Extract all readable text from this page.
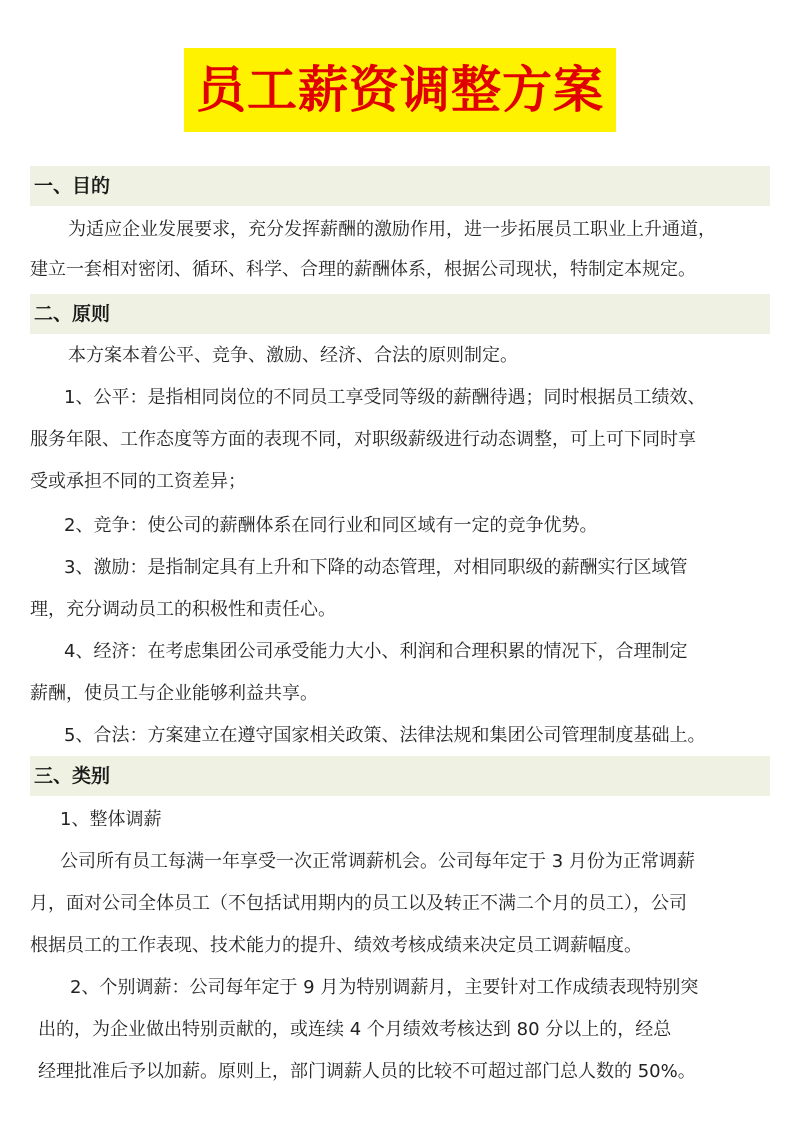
员工薪资调整方案
一、目的
为适应企业发展要求，充分发挥薪酬的激励作用，进一步拓展员工职业上升通道，
建立一套相对密闭、循环、科学、合理的薪酬体系，根据公司现状，特制定本规定。
二、原则
本方案本着公平、竞争、激励、经济、合法的原则制定。
1、公平：是指相同岗位的不同员工享受同等级的薪酬待遇；同时根据员工绩效、
服务年限、工作态度等方面的表现不同，对职级薪级进行动态调整，可上可下同时享
受或承担不同的工资差异；
2、竞争：使公司的薪酬体系在同行业和同区域有一定的竞争优势。
3、激励：是指制定具有上升和下降的动态管理，对相同职级的薪酬实行区域管
理，充分调动员工的积极性和责任心。
4、经济：在考虑集团公司承受能力大小、利润和合理积累的情况下，合理制定
薪酬，使员工与企业能够利益共享。
5、合法：方案建立在遵守国家相关政策、法律法规和集团公司管理制度基础上。
三、类别
1、整体调薪
公司所有员工每满一年享受一次正常调薪机会。公司每年定于 3 月份为正常调薪
月，面对公司全体员工（不包括试用期内的员工以及转正不满二个月的员工），公司
根据员工的工作表现、技术能力的提升、绩效考核成绩来决定员工调薪幅度。
2、个别调薪：公司每年定于 9 月为特别调薪月，主要针对工作成绩表现特别突
出的，为企业做出特别贡献的，或连续 4 个月绩效考核达到 80 分以上的，经总
经理批准后予以加薪。原则上，部门调薪人员的比较不可超过部门总人数的 50%。
